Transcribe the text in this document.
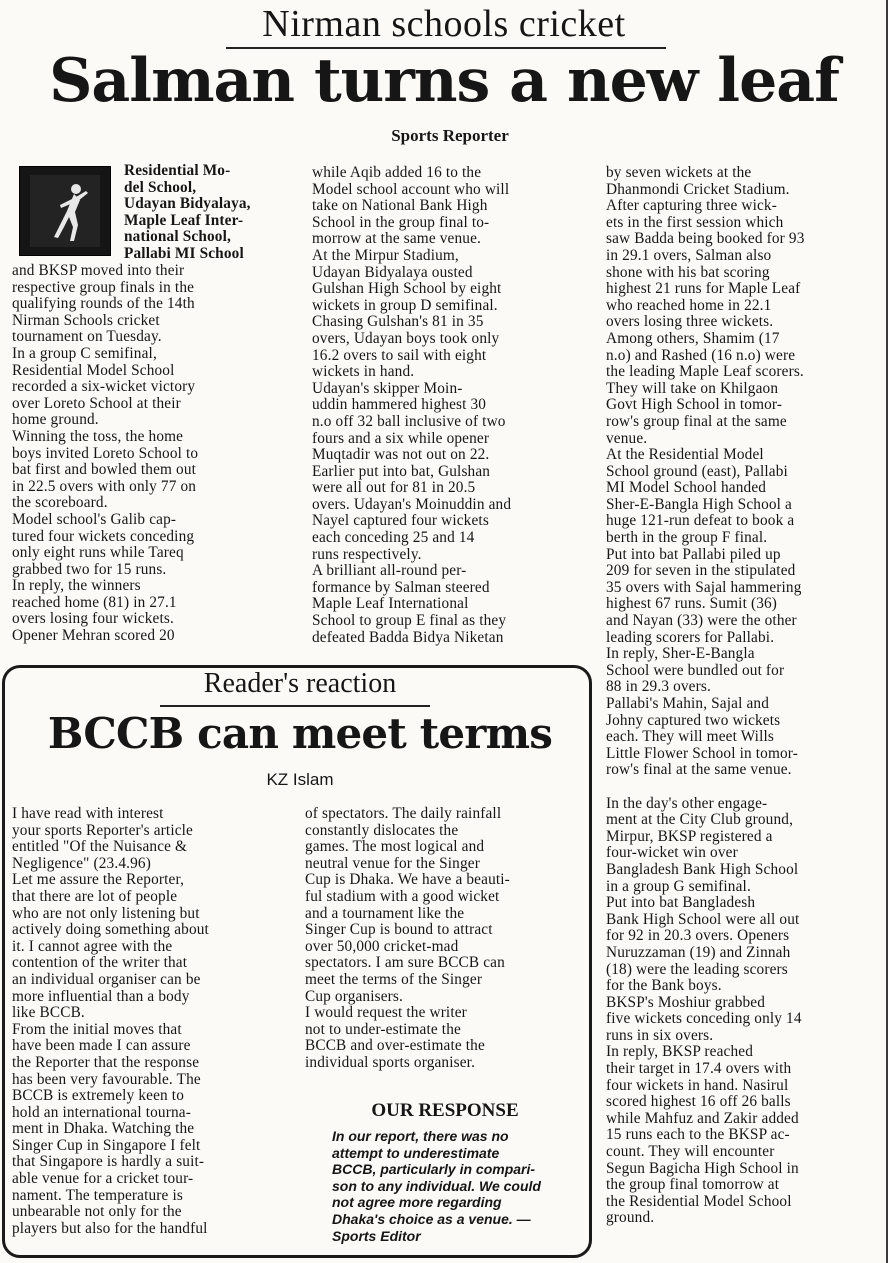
Nirman schools cricket
Salman turns a new leaf
Sports Reporter
Residential Mo-
del School,
Udayan Bidyalaya,
Maple Leaf Inter-
national School,
Pallabi MI School
and BKSP moved into their
respective group finals in the
qualifying rounds of the 14th
Nirman Schools cricket
tournament on Tuesday.
In a group C semifinal,
Residential Model School
recorded a six-wicket victory
over Loreto School at their
home ground.
Winning the toss, the home
boys invited Loreto School to
bat first and bowled them out
in 22.5 overs with only 77 on
the scoreboard.
Model school's Galib cap-
tured four wickets conceding
only eight runs while Tareq
grabbed two for 15 runs.
In reply, the winners
reached home (81) in 27.1
overs losing four wickets.
Opener Mehran scored 20
while Aqib added 16 to the
Model school account who will
take on National Bank High
School in the group final to-
morrow at the same venue.
At the Mirpur Stadium,
Udayan Bidyalaya ousted
Gulshan High School by eight
wickets in group D semifinal.
Chasing Gulshan's 81 in 35
overs, Udayan boys took only
16.2 overs to sail with eight
wickets in hand.
Udayan's skipper Moin-
uddin hammered highest 30
n.o off 32 ball inclusive of two
fours and a six while opener
Muqtadir was not out on 22.
Earlier put into bat, Gulshan
were all out for 81 in 20.5
overs. Udayan's Moinuddin and
Nayel captured four wickets
each conceding 25 and 14
runs respectively.
A brilliant all-round per-
formance by Salman steered
Maple Leaf International
School to group E final as they
defeated Badda Bidya Niketan
by seven wickets at the
Dhanmondi Cricket Stadium.
After capturing three wick-
ets in the first session which
saw Badda being booked for 93
in 29.1 overs, Salman also
shone with his bat scoring
highest 21 runs for Maple Leaf
who reached home in 22.1
overs losing three wickets.
Among others, Shamim (17
n.o) and Rashed (16 n.o) were
the leading Maple Leaf scorers.
They will take on Khilgaon
Govt High School in tomor-
row's group final at the same
venue.
At the Residential Model
School ground (east), Pallabi
MI Model School handed
Sher-E-Bangla High School a
huge 121-run defeat to book a
berth in the group F final.
Put into bat Pallabi piled up
209 for seven in the stipulated
35 overs with Sajal hammering
highest 67 runs. Sumit (36)
and Nayan (33) were the other
leading scorers for Pallabi.
In reply, Sher-E-Bangla
School were bundled out for
88 in 29.3 overs.
Pallabi's Mahin, Sajal and
Johny captured two wickets
each. They will meet Wills
Little Flower School in tomor-
row's final at the same venue.

In the day's other engage-
ment at the City Club ground,
Mirpur, BKSP registered a
four-wicket win over
Bangladesh Bank High School
in a group G semifinal.
Put into bat Bangladesh
Bank High School were all out
for 92 in 20.3 overs. Openers
Nuruzzaman (19) and Zinnah
(18) were the leading scorers
for the Bank boys.
BKSP's Moshiur grabbed
five wickets conceding only 14
runs in six overs.
In reply, BKSP reached
their target in 17.4 overs with
four wickets in hand. Nasirul
scored highest 16 off 26 balls
while Mahfuz and Zakir added
15 runs each to the BKSP ac-
count. They will encounter
Segun Bagicha High School in
the group final tomorrow at
the Residential Model School
ground.
Reader's reaction
BCCB can meet terms
KZ Islam
I have read with interest
your sports Reporter's article
entitled "Of the Nuisance &
Negligence" (23.4.96)
Let me assure the Reporter,
that there are lot of people
who are not only listening but
actively doing something about
it. I cannot agree with the
contention of the writer that
an individual organiser can be
more influential than a body
like BCCB.
From the initial moves that
have been made I can assure
the Reporter that the response
has been very favourable. The
BCCB is extremely keen to
hold an international tourna-
ment in Dhaka. Watching the
Singer Cup in Singapore I felt
that Singapore is hardly a suit-
able venue for a cricket tour-
nament. The temperature is
unbearable not only for the
players but also for the handful
of spectators. The daily rainfall
constantly dislocates the
games. The most logical and
neutral venue for the Singer
Cup is Dhaka. We have a beauti-
ful stadium with a good wicket
and a tournament like the
Singer Cup is bound to attract
over 50,000 cricket-mad
spectators. I am sure BCCB can
meet the terms of the Singer
Cup organisers.
I would request the writer
not to under-estimate the
BCCB and over-estimate the
individual sports organiser.
OUR RESPONSE
In our report, there was no
attempt to underestimate
BCCB, particularly in compari-
son to any individual. We could
not agree more regarding
Dhaka's choice as a venue. —
Sports Editor
